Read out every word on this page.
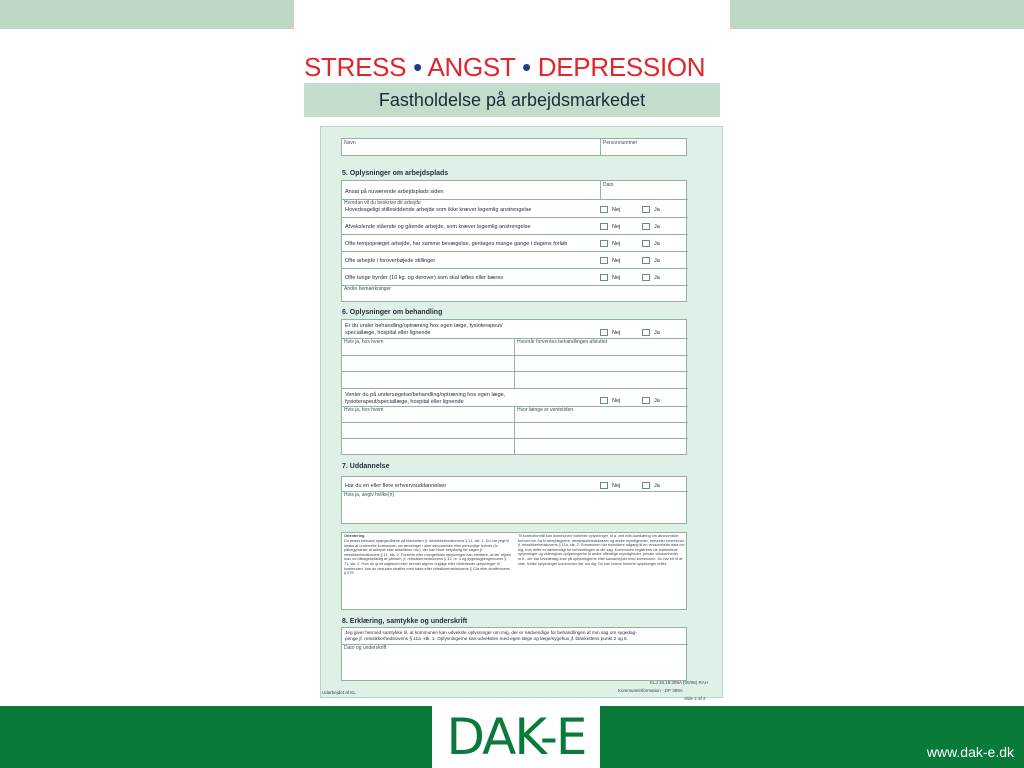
STRESS • ANGST • DEPRESSION
Fastholdelse på arbejdsmarkedet
Navn	Personnummer
5. Oplysninger om arbejdsplads
Ansat på nuværende arbejdsplads siden
Dato
Hvordan vil du beskrive dit arbejde
Hovedsageligt stillesiddende arbejde som ikke kræver legemlig anstrengelse	Nej	Ja
Afvekslende stående og gående arbejde, som kræver legemlig anstrengelse	Nej	Ja
Ofte tempopræget arbejde, har samme bevægelse, gentages mange gange i dagens forløb	Nej	Ja
Ofte arbejde i foroverbøjede stillinger	Nej	Ja
Ofte tunge byrder (10 kg. og derover) som skal løftes eller bæres	Nej	Ja
Andre bemærkninger
6. Oplysninger om behandling
Er du under behandling/optræning hos egen læge, fysioterapeut/
speciallæge, hospital eller lignende	Nej	Ja
Hvis ja, hos hvem	Hvornår forventes behandlingen afsluttet
Venter du på undersøgelse/behandling/optræning hos egen læge,
fysioterapeut/speciallæge, hospital eller lignende	Nej	Ja
Hvis ja, hos hvem	Hvor længe er ventetiden
7. Uddannelse
Har du en eller flere erhvervsuddannelser	Nej	Ja
Hvis ja, angiv hvilke(n)
Orientering
Du bedes besvare spørgsmålene på blanketten jf. retssikkerhedslovens § 11, stk. 1. Du har pligt til straks at underrette kommunen om ændringer i dine økonomiske eller personlige forhold (fx påbegyndelse af arbejde eller adskillelse mv.), der kan have betydning for sagen jf. retssikkerhedslovens § 11, stk. 2. Forkerte eller mangelfulde oplysninger kan medføre, at der rejses krav om tilbagebetaling af ydelsen, jf. retssikkerhedslovens § 12, nr. 4 og sygedagpengelovens § 71, stk. 2. Hvis du groft uagtsomt eller bevidst afgiver urigtige eller vildledende oplysninger til kommunen, kan du desuden straffes med bøde efter retssikkerhedslovens § 12a eller straffelovens § 279.
Til kontrolformål kan kommunen indhente oplysninger, bl.a. ved edb-samkøring om økonomiske forhold mv. fra fx arbejdsgivere, arbejdsløshedskasser og andre myndigheder, herunder kommuner, jf. retssikkerhedslovens § 11a, stk. 2. Kommunen har endvidere adgang til en virksomheds data om dig, hvis dette er nødvendigt for behandlingen af din sag. Kommunen registrerer de indhentede oplysninger og videregiver oplysningerne til andre offentlige myndigheder, private virksomheder m.fl., der har lovmæssig krav på oplysningerne eller samarbejder med kommunen. Du har ret til at vide, hvilke oplysninger kommunen har om dig. Du kan kræve forkerte oplysninger rettet.
8. Erklæring, samtykke og underskrift
Jeg giver hermed samtykke til, at kommunen kan udveksle oplysninger om mig, der er nødvendige for behandlingen af min sag om sygedag-
penge jf. retssikkerhedslovens § 11a, stk. 1. Oplysningerne kan udveksles med egen læge og læge/sygehus jf. blankettens punkt 2 og 6.
Dato og underskrift
Udarbejdet af KL
KLJ 16.19.399A (00/06) RAH
Kommuneinformation - DP 399A
Side 2 af 2
DAK-E	www.dak-e.dk
